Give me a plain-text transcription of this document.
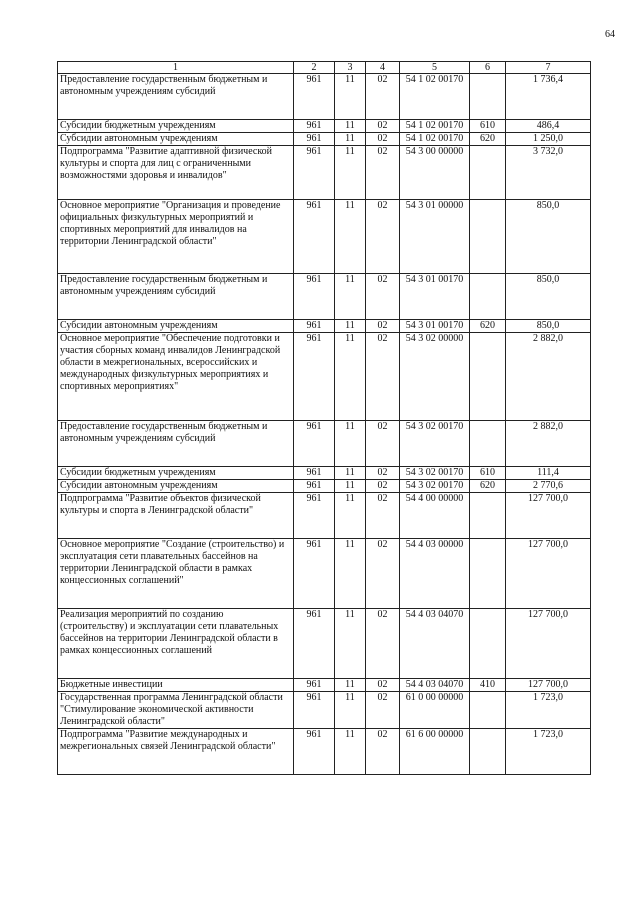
64
1	2	3	4	5	6	7
Предоставление государственным бюджетным и автономным учреждениям субсидий	961	11	02	54 1 02 00170		1 736,4
Субсидии бюджетным учреждениям	961	11	02	54 1 02 00170	610	486,4
Субсидии автономным учреждениям	961	11	02	54 1 02 00170	620	1 250,0
Подпрограмма "Развитие адаптивной физической культуры и спорта для лиц с ограниченными возможностями здоровья и инвалидов"	961	11	02	54 3 00 00000		3 732,0
Основное мероприятие "Организация и проведение официальных физкультурных мероприятий и спортивных мероприятий для инвалидов на территории Ленинградской области"	961	11	02	54 3 01 00000		850,0
Предоставление государственным бюджетным и автономным учреждениям субсидий	961	11	02	54 3 01 00170		850,0
Субсидии автономным учреждениям	961	11	02	54 3 01 00170	620	850,0
Основное мероприятие "Обеспечение подготовки и участия сборных команд инвалидов Ленинградской области в межрегиональных, всероссийских и международных физкультурных мероприятиях и спортивных мероприятиях"	961	11	02	54 3 02 00000		2 882,0
Предоставление государственным бюджетным и автономным учреждениям субсидий	961	11	02	54 3 02 00170		2 882,0
Субсидии бюджетным учреждениям	961	11	02	54 3 02 00170	610	111,4
Субсидии автономным учреждениям	961	11	02	54 3 02 00170	620	2 770,6
Подпрограмма "Развитие объектов физической культуры и спорта в Ленинградской области"	961	11	02	54 4 00 00000		127 700,0
Основное мероприятие "Создание (строительство) и эксплуатация сети плавательных бассейнов на территории Ленинградской области в рамках концессионных соглашений"	961	11	02	54 4 03 00000		127 700,0
Реализация мероприятий по созданию (строительству) и эксплуатации сети плавательных бассейнов на территории Ленинградской области в рамках концессионных соглашений	961	11	02	54 4 03 04070		127 700,0
Бюджетные инвестиции	961	11	02	54 4 03 04070	410	127 700,0
Государственная программа Ленинградской области "Стимулирование экономической активности Ленинградской области"	961	11	02	61 0 00 00000		1 723,0
Подпрограмма "Развитие международных и межрегиональных связей Ленинградской области"	961	11	02	61 6 00 00000		1 723,0
